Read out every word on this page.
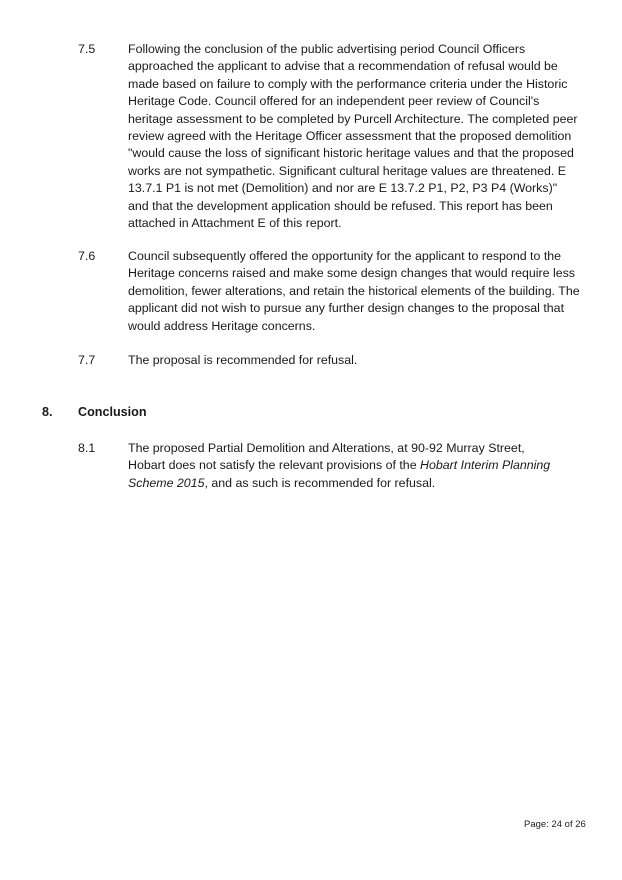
7.5	Following the conclusion of the public advertising period Council Officers
approached the applicant to advise that a recommendation of refusal would be
made based on failure to comply with the performance criteria under the Historic
Heritage Code. Council offered for an independent peer review of Council's
heritage assessment to be completed by Purcell Architecture. The completed peer
review agreed with the Heritage Officer assessment that the proposed demolition
"would cause the loss of significant historic heritage values and that the proposed
works are not sympathetic. Significant cultural heritage values are threatened. E
13.7.1 P1 is not met (Demolition) and nor are E 13.7.2 P1, P2, P3 P4 (Works)"
and that the development application should be refused. This report has been
attached in Attachment E of this report.
7.6	Council subsequently offered the opportunity for the applicant to respond to the
Heritage concerns raised and make some design changes that would require less
demolition, fewer alterations, and retain the historical elements of the building. The
applicant did not wish to pursue any further design changes to the proposal that
would address Heritage concerns.
7.7	The proposal is recommended for refusal.
8. Conclusion
8.1	The proposed Partial Demolition and Alterations, at 90-92 Murray Street,
Hobart does not satisfy the relevant provisions of the Hobart Interim Planning
Scheme 2015, and as such is recommended for refusal.
Page: 24 of 26
